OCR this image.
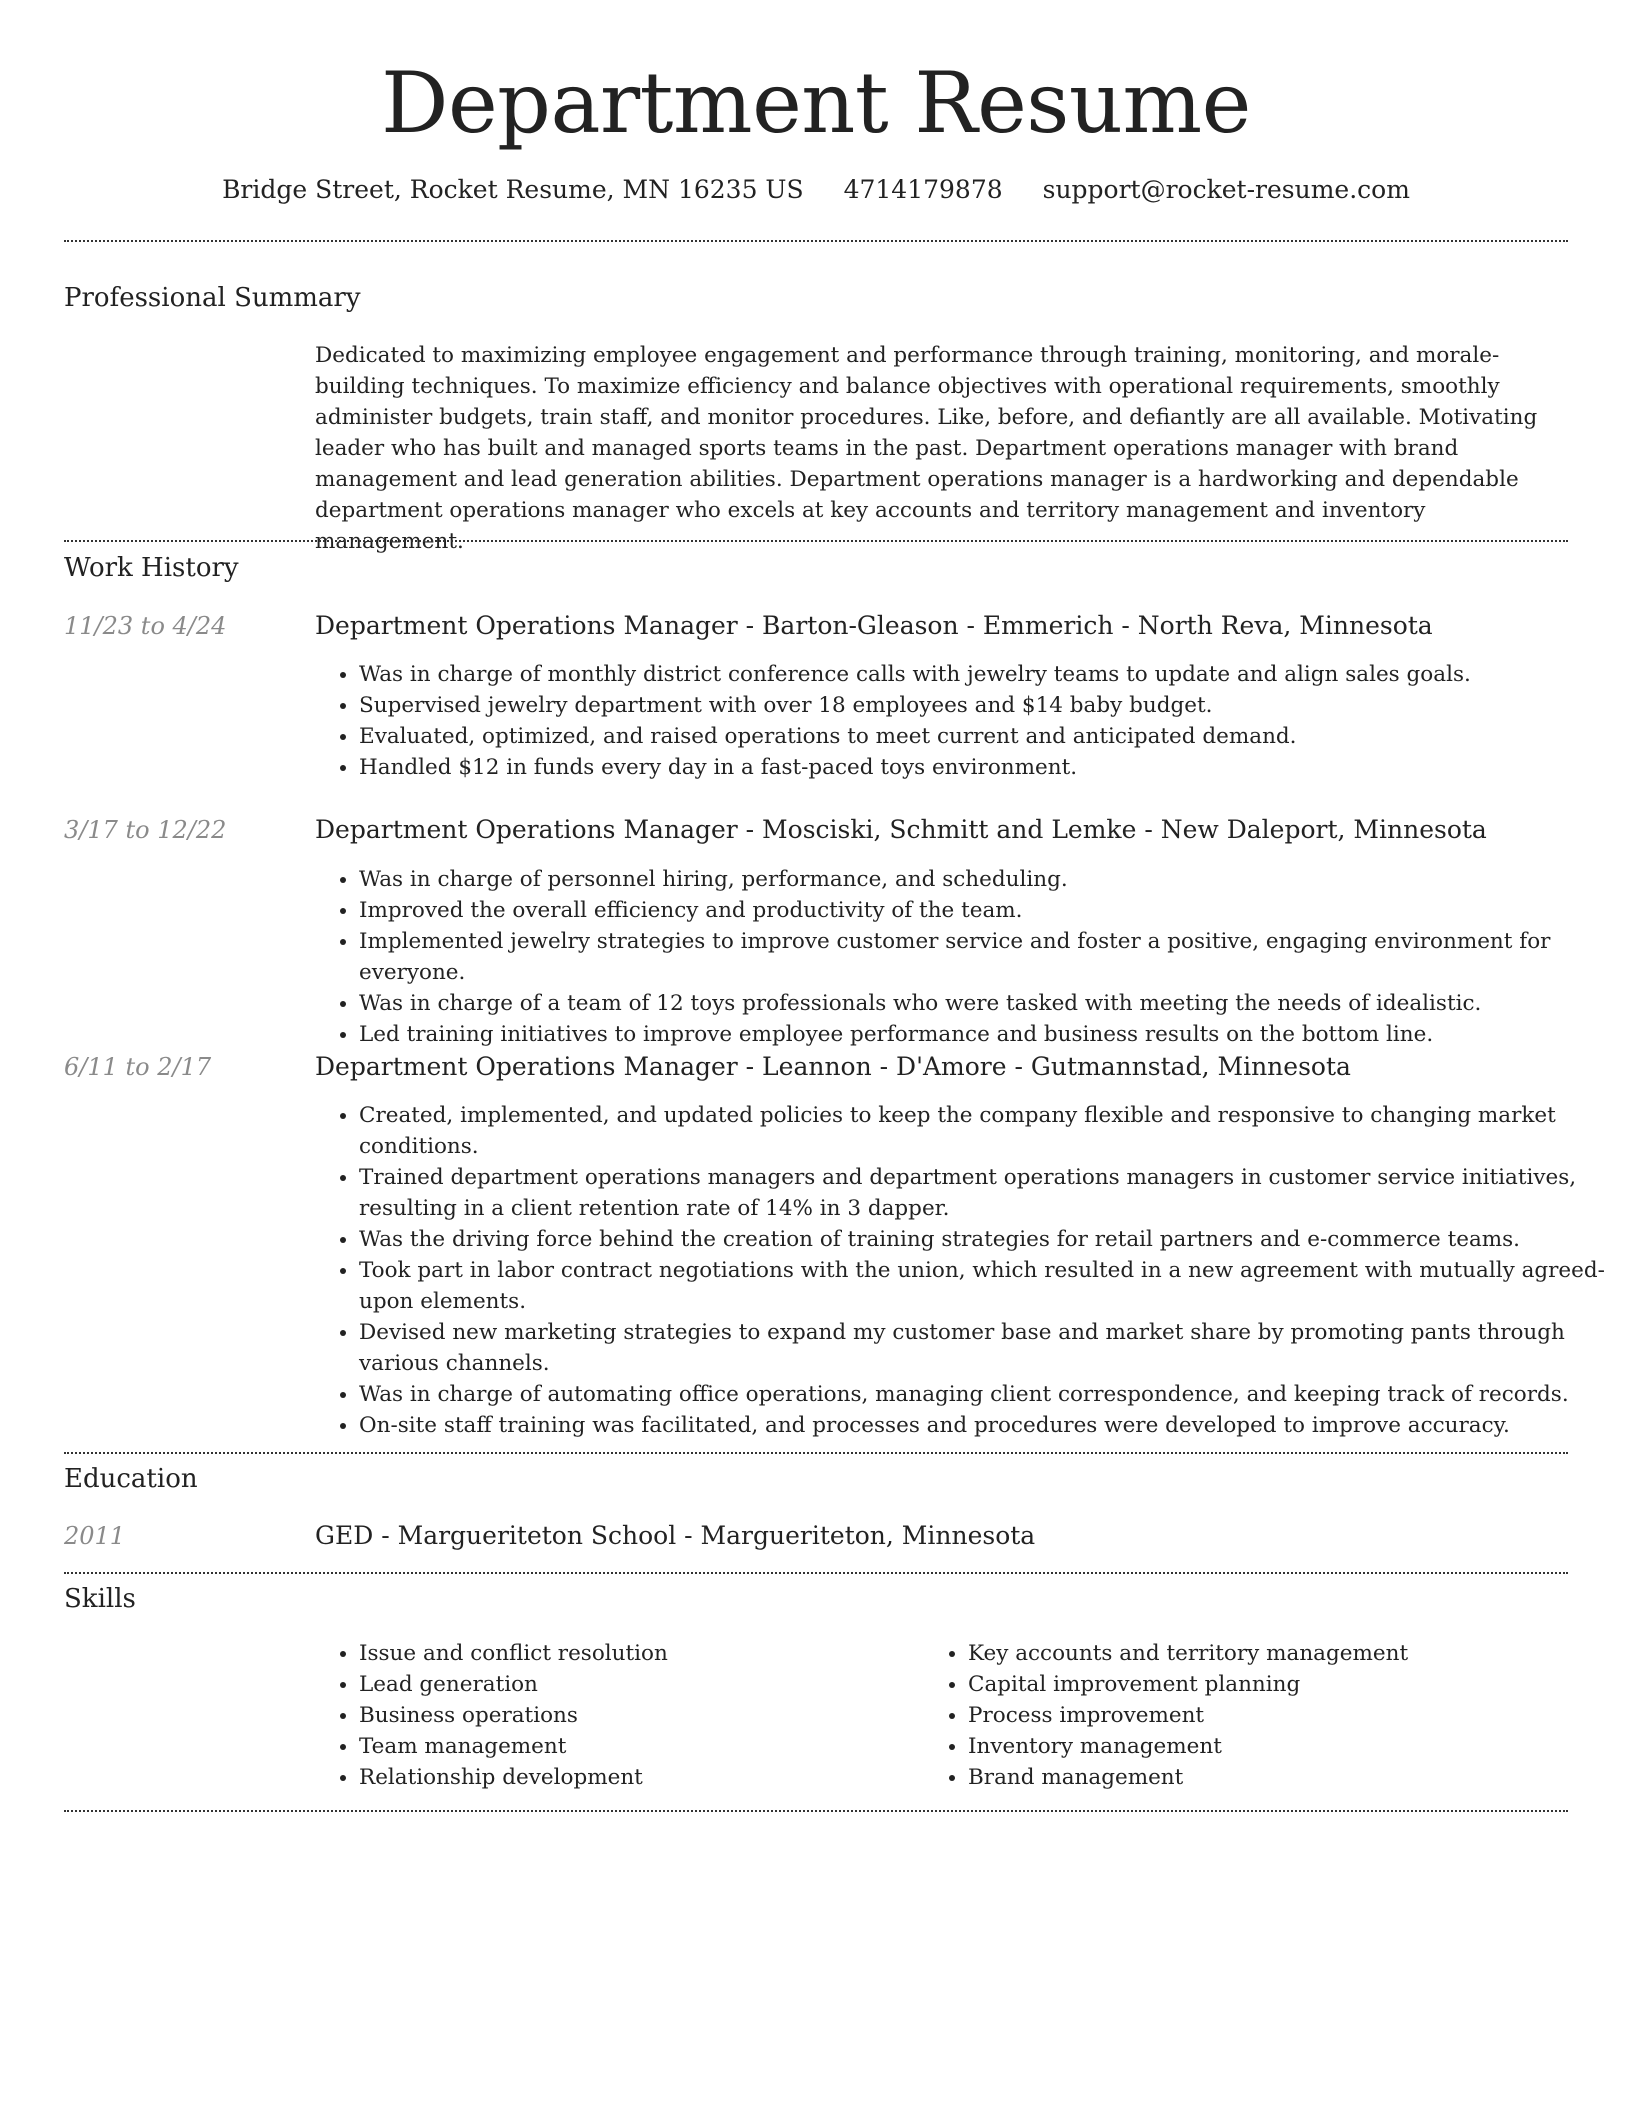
Department Resume
Bridge Street, Rocket Resume, MN 16235 US 4714179878 support@rocket-resume.com
Professional Summary

Dedicated to maximizing employee engagement and performance through training, monitoring, and morale-building techniques. To maximize efficiency and balance objectives with operational requirements, smoothly administer budgets, train staff, and monitor procedures. Like, before, and defiantly are all available. Motivating leader who has built and managed sports teams in the past. Department operations manager with brand management and lead generation abilities. Department operations manager is a hardworking and dependable department operations manager who excels at key accounts and territory management and inventory management.

Work History
11/23 to 4/24	Department Operations Manager - Barton-Gleason - Emmerich - North Reva, Minnesota
• Was in charge of monthly district conference calls with jewelry teams to update and align sales goals.
• Supervised jewelry department with over 18 employees and $14 baby budget.
• Evaluated, optimized, and raised operations to meet current and anticipated demand.
• Handled $12 in funds every day in a fast-paced toys environment.
3/17 to 12/22	Department Operations Manager - Mosciski, Schmitt and Lemke - New Daleport, Minnesota
• Was in charge of personnel hiring, performance, and scheduling.
• Improved the overall efficiency and productivity of the team.
• Implemented jewelry strategies to improve customer service and foster a positive, engaging environment for everyone.
• Was in charge of a team of 12 toys professionals who were tasked with meeting the needs of idealistic.
• Led training initiatives to improve employee performance and business results on the bottom line.
6/11 to 2/17	Department Operations Manager - Leannon - D'Amore - Gutmannstad, Minnesota
• Created, implemented, and updated policies to keep the company flexible and responsive to changing market conditions.
• Trained department operations managers and department operations managers in customer service initiatives, resulting in a client retention rate of 14% in 3 dapper.
• Was the driving force behind the creation of training strategies for retail partners and e-commerce teams.
• Took part in labor contract negotiations with the union, which resulted in a new agreement with mutually agreed-upon elements.
• Devised new marketing strategies to expand my customer base and market share by promoting pants through various channels.
• Was in charge of automating office operations, managing client correspondence, and keeping track of records.
• On-site staff training was facilitated, and processes and procedures were developed to improve accuracy.
Education
2011	GED - Margueriteton School - Margueriteton, Minnesota
Skills
• Issue and conflict resolution
• Lead generation
• Business operations
• Team management
• Relationship development
• Key accounts and territory management
• Capital improvement planning
• Process improvement
• Inventory management
• Brand management
